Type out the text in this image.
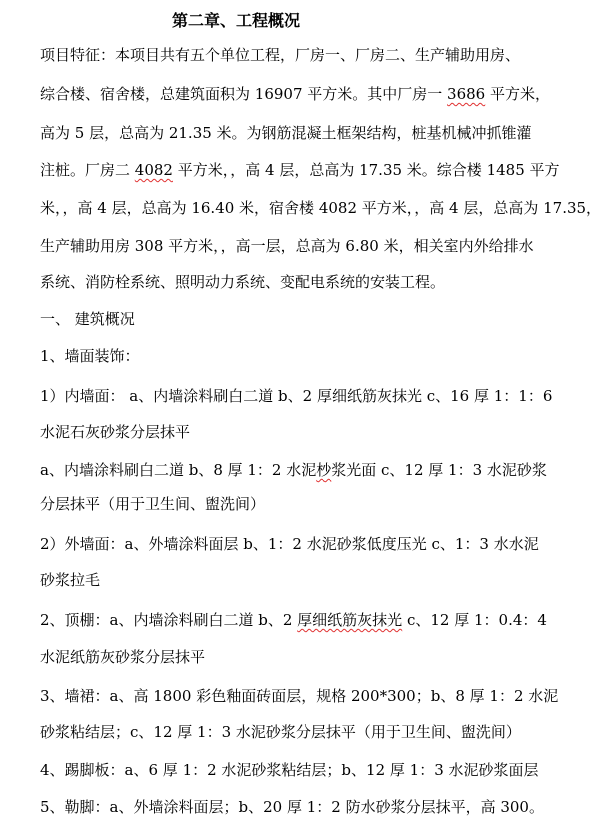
第二章、工程概况

项目特征：本项目共有五个单位工程，厂房一、厂房二、生产辅助用房、

综合楼、宿舍楼，总建筑面积为 16907 平方米。其中厂房一 3686 平方米，

高为 5 层，总高为 21.35 米。为钢筋混凝土框架结构，桩基机械冲抓锥灌

注桩。厂房二 4082 平方米，，高 4 层，总高为 17.35 米。综合楼 1485 平方

米，，高 4 层，总高为 16.40 米，宿舍楼 4082 平方米，，高 4 层，总高为 17.35，

生产辅助用房 308 平方米，，高一层，总高为 6.80 米，相关室内外给排水

系统、消防栓系统、照明动力系统、变配电系统的安装工程。

一、 建筑概况

1、墙面装饰：

1）内墙面： a、内墙涂料刷白二道 b、2 厚细纸筋灰抹光 c、16 厚 1：1：6

水泥石灰砂浆分层抹平

a、内墙涂料刷白二道 b、8 厚 1：2 水泥杪浆光面 c、12 厚 1：3 水泥砂浆

分层抹平（用于卫生间、盥洗间）

2）外墙面：a、外墙涂料面层 b、1：2 水泥砂浆低度压光 c、1：3 水水泥

砂浆拉毛

2、顶棚：a、内墙涂料刷白二道 b、2 厚细纸筋灰抹光 c、12 厚 1：0.4：4

水泥纸筋灰砂浆分层抹平

3、墙裙：a、高 1800 彩色釉面砖面层，规格 200*300；b、8 厚 1：2 水泥

砂浆粘结层；c、12 厚 1：3 水泥砂浆分层抹平（用于卫生间、盥洗间）

4、踢脚板：a、6 厚 1：2 水泥砂浆粘结层；b、12 厚 1：3 水泥砂浆面层

5、勒脚：a、外墙涂料面层；b、20 厚 1：2 防水砂浆分层抹平，高 300。
